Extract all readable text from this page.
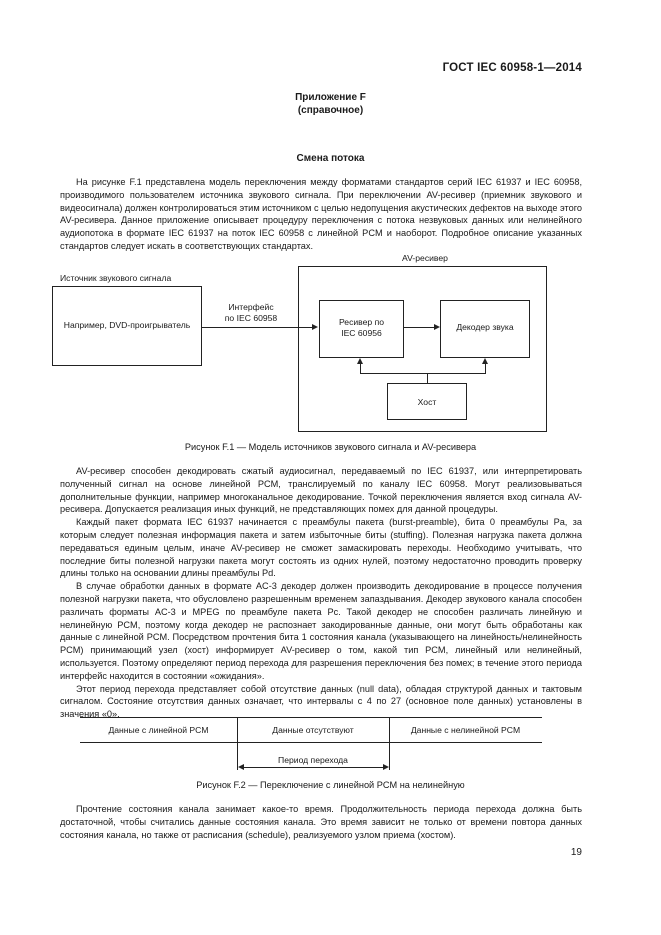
ГОСТ IEC 60958-1—2014
Приложение F
(справочное)
Смена потока

На рисунке F.1 представлена модель переключения между форматами стандартов серий IEC 61937 и IEC 60958, производимого пользователем источника звукового сигнала. При переключении AV-ресивер (приемник звукового и видеосигнала) должен контролироваться этим источником с целью недопущения акустических дефектов на выходе этого AV-ресивера. Данное приложение описывает процедуру переключения с потока незвуковых данных или нелинейного аудиопотока в формате IEC 61937 на поток IEC 60958 с линейной PCM и наоборот. Подробное описание указанных стандартов следует искать в соответствующих стандартах.

Источник звукового сигнала
Например, DVD-проигрыватель
Интерфейс
по IEC 60958
AV-ресивер
Ресивер по
IEC 60956
Декодер звука
Хост
Рисунок F.1 — Модель источников звукового сигнала и AV-ресивера

AV-ресивер способен декодировать сжатый аудиосигнал, передаваемый по IEC 61937, или интерпретировать полученный сигнал на основе линейной PCM, транслируемый по каналу IEC 60958. Могут реализовываться дополнительные функции, например многоканальное декодирование. Точкой переключения является вход сигнала AV-ресивера. Допускается реализация иных функций, не представляющих помех для данной процедуры.

Каждый пакет формата IEC 61937 начинается с преамбулы пакета (burst-preamble), бита 0 преамбулы Pa, за которым следует полезная информация пакета и затем избыточные биты (stuffing). Полезная нагрузка пакета должна передаваться единым целым, иначе AV-ресивер не сможет замаскировать переходы. Необходимо учитывать, что последние биты полезной нагрузки пакета могут состоять из одних нулей, поэтому недостаточно проводить проверку длины только на основании длины преамбулы Pd.

В случае обработки данных в формате AC-3 декодер должен производить декодирование в процессе получения полезной нагрузки пакета, что обусловлено разрешенным временем запаздывания. Декодер звукового канала способен различать форматы AC-3 и MPEG по преамбуле пакета Pc. Такой декодер не способен различать линейную и нелинейную PCM, поэтому когда декодер не распознает закодированные данные, они могут быть обработаны как данные с линейной PCM. Посредством прочтения бита 1 состояния канала (указывающего на линейность/нелинейность PCM) принимающий узел (хост) информирует AV-ресивер о том, какой тип PCM, линейный или нелинейный, используется. Поэтому определяют период перехода для разрешения переключения без помех; в течение этого периода интерфейс находится в состоянии «ожидания».

Этот период перехода представляет собой отсутствие данных (null data), обладая структурой данных и тактовым сигналом. Состояние отсутствия данных означает, что интервалы с 4 по 27 (основное поле данных) установлены в значения «0».

Данные с линейной PCM	Данные отсутствуют	Данные с нелинейной PCM
Период перехода
Рисунок F.2 — Переключение с линейной PCM на нелинейную

Прочтение состояния канала занимает какое-то время. Продолжительность периода перехода должна быть достаточной, чтобы считались данные состояния канала. Это время зависит не только от времени повтора данных состояния канала, но также от расписания (schedule), реализуемого узлом приема (хостом).

19
